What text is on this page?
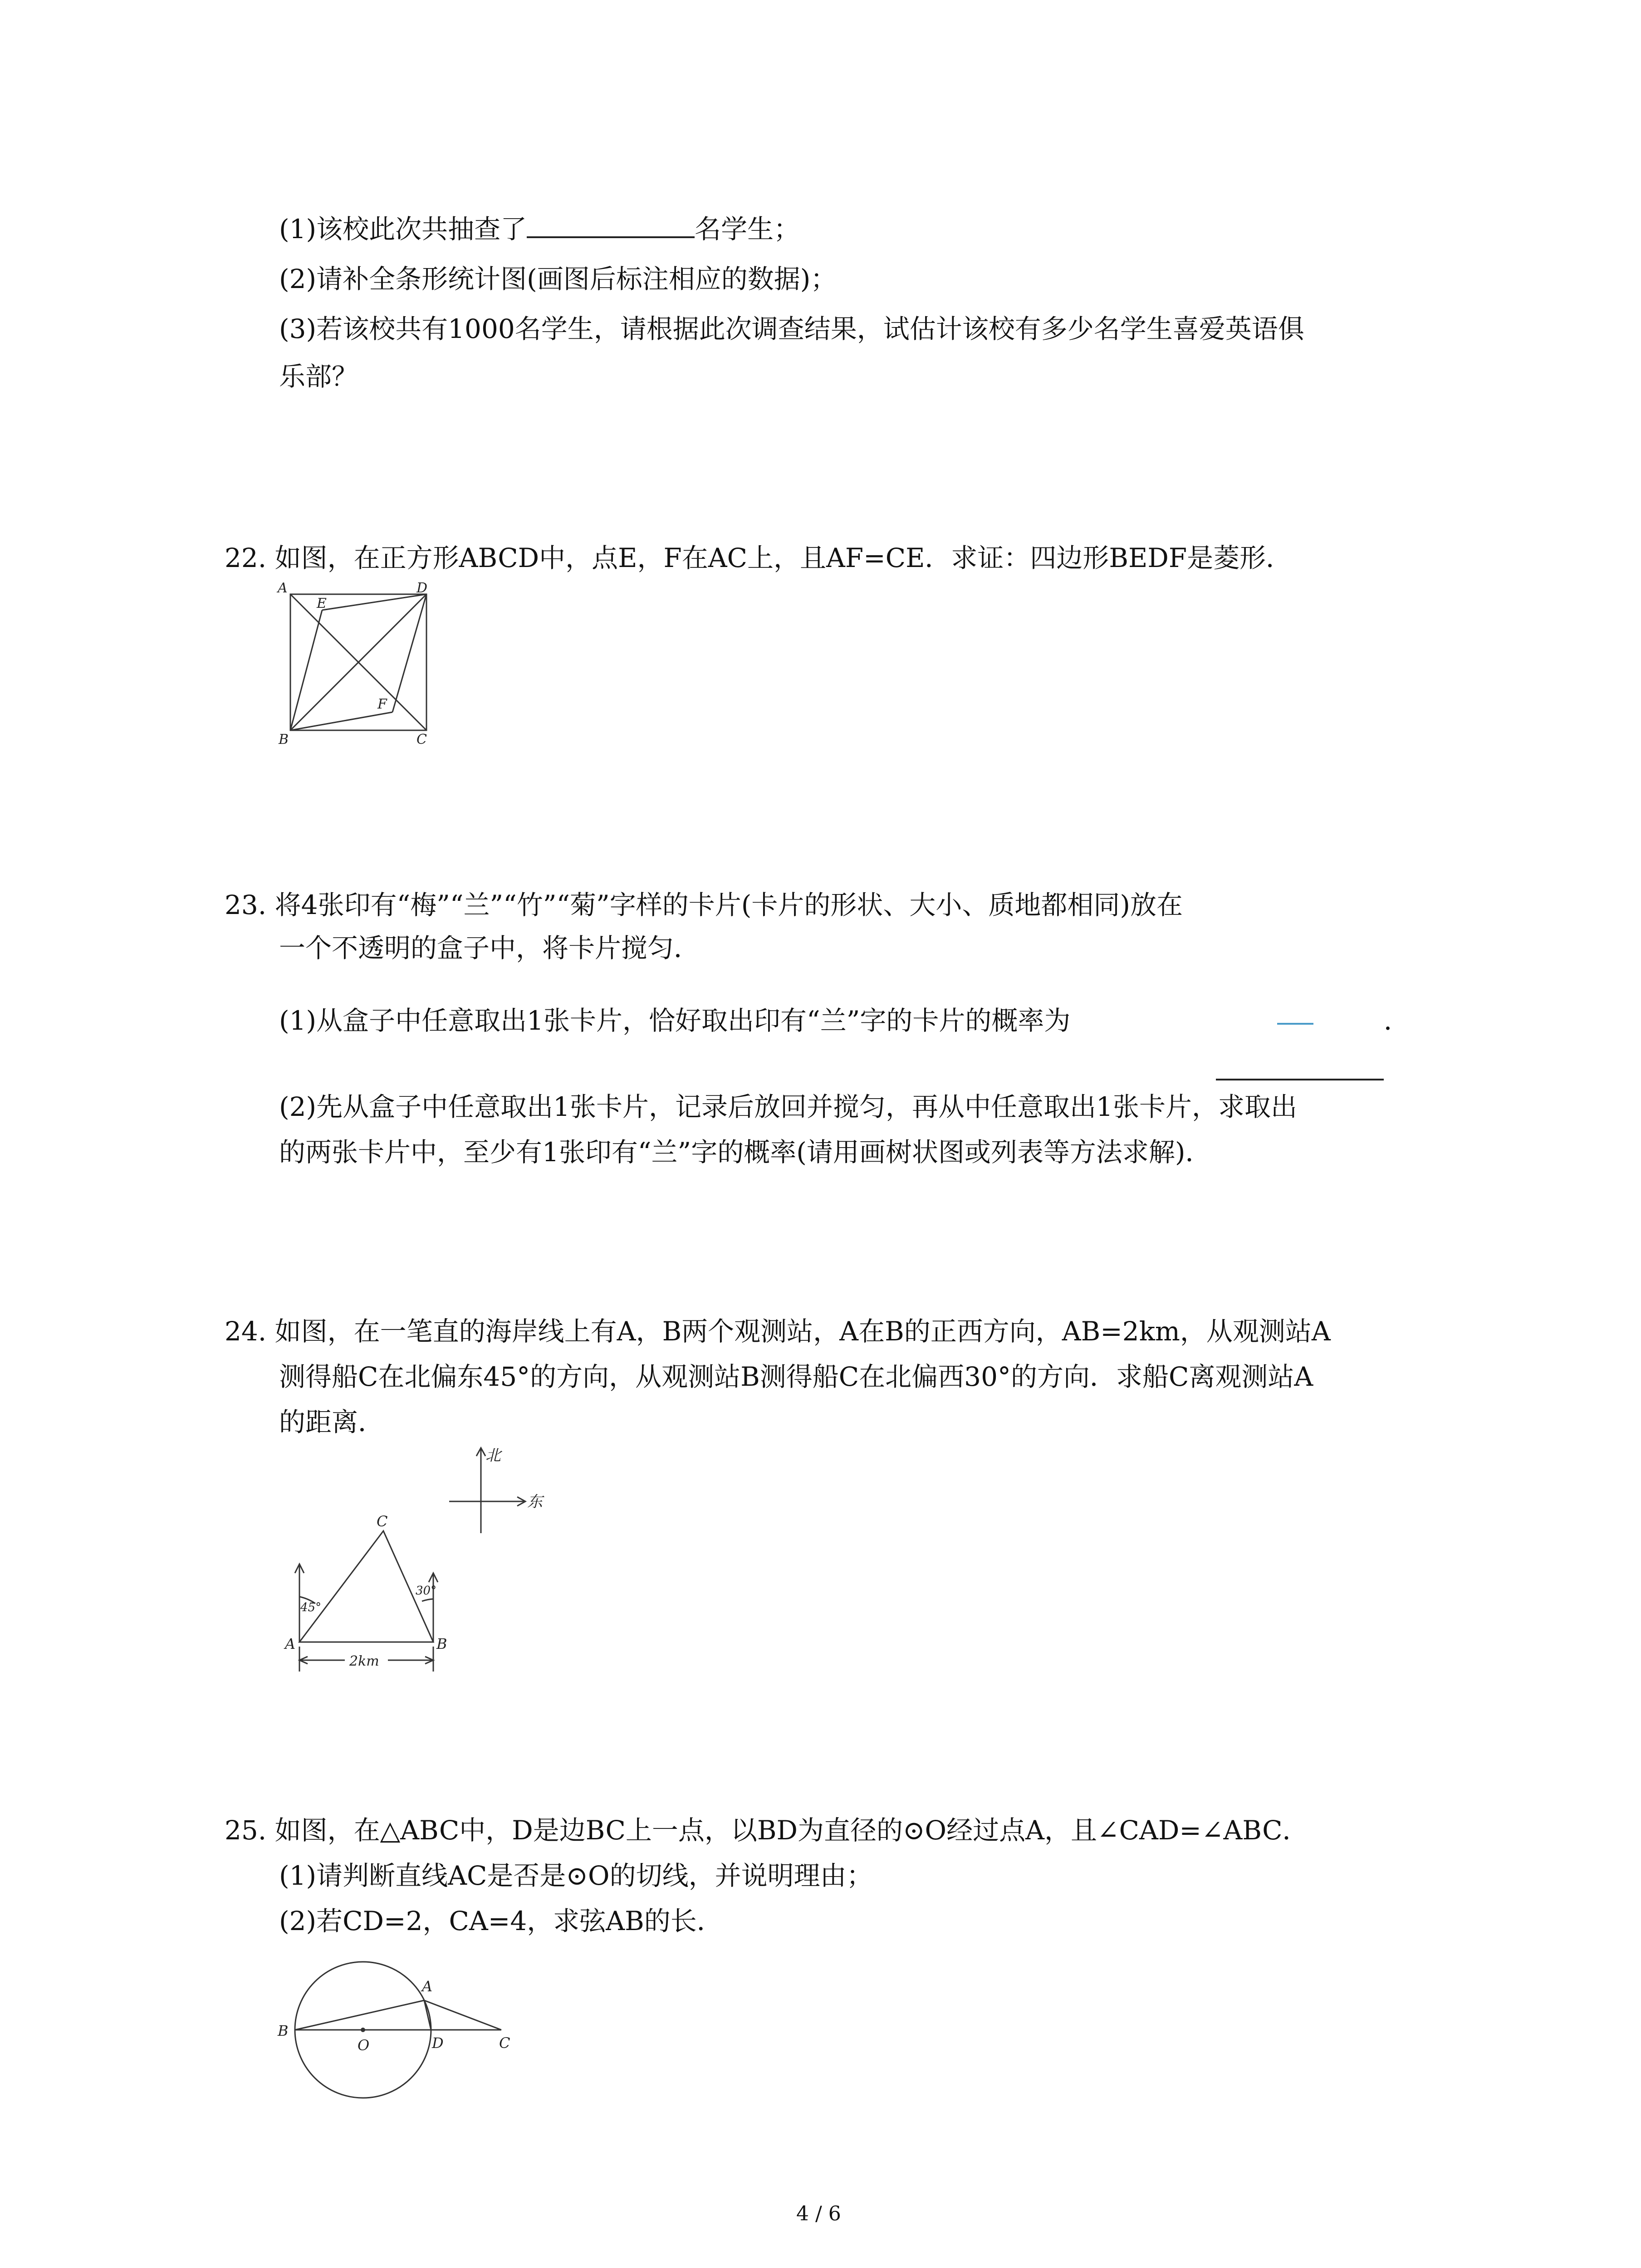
(1)该校此次共抽查了	名学生；
(2)请补全条形统计图(画图后标注相应的数据)；
(3)若该校共有1000名学生，请根据此次调查结果，试估计该校有多少名学生喜爱英语俱
乐部？
22. 如图，在正方形ABCD中，点E，F在AC上，且AF=CE．求证：四边形BEDF是菱形．
A	D
B	C
E
F
23. 将4张印有“梅”“兰”“竹”“菊”字样的卡片(卡片的形状、大小、质地都相同)放在
一个不透明的盒子中，将卡片搅匀．
(1)从盒子中任意取出1张卡片，恰好取出印有“兰”字的卡片的概率为	．
(2)先从盒子中任意取出1张卡片，记录后放回并搅匀，再从中任意取出1张卡片，求取出
的两张卡片中，至少有1张印有“兰”字的概率(请用画树状图或列表等方法求解)．
24. 如图，在一笔直的海岸线上有A，B两个观测站，A在B的正西方向，AB=2km，从观测站A
测得船C在北偏东45°的方向，从观测站B测得船C在北偏西30°的方向．求船C离观测站A
的距离．
北
东
C
A	B
45°
30°
2km
25. 如图，在△ABC中，D是边BC上一点，以BD为直径的⊙O经过点A，且∠CAD=∠ABC．
(1)请判断直线AC是否是⊙O的切线，并说明理由；
(2)若CD=2，CA=4，求弦AB的长．
A
B
O	D	C
4 / 6
